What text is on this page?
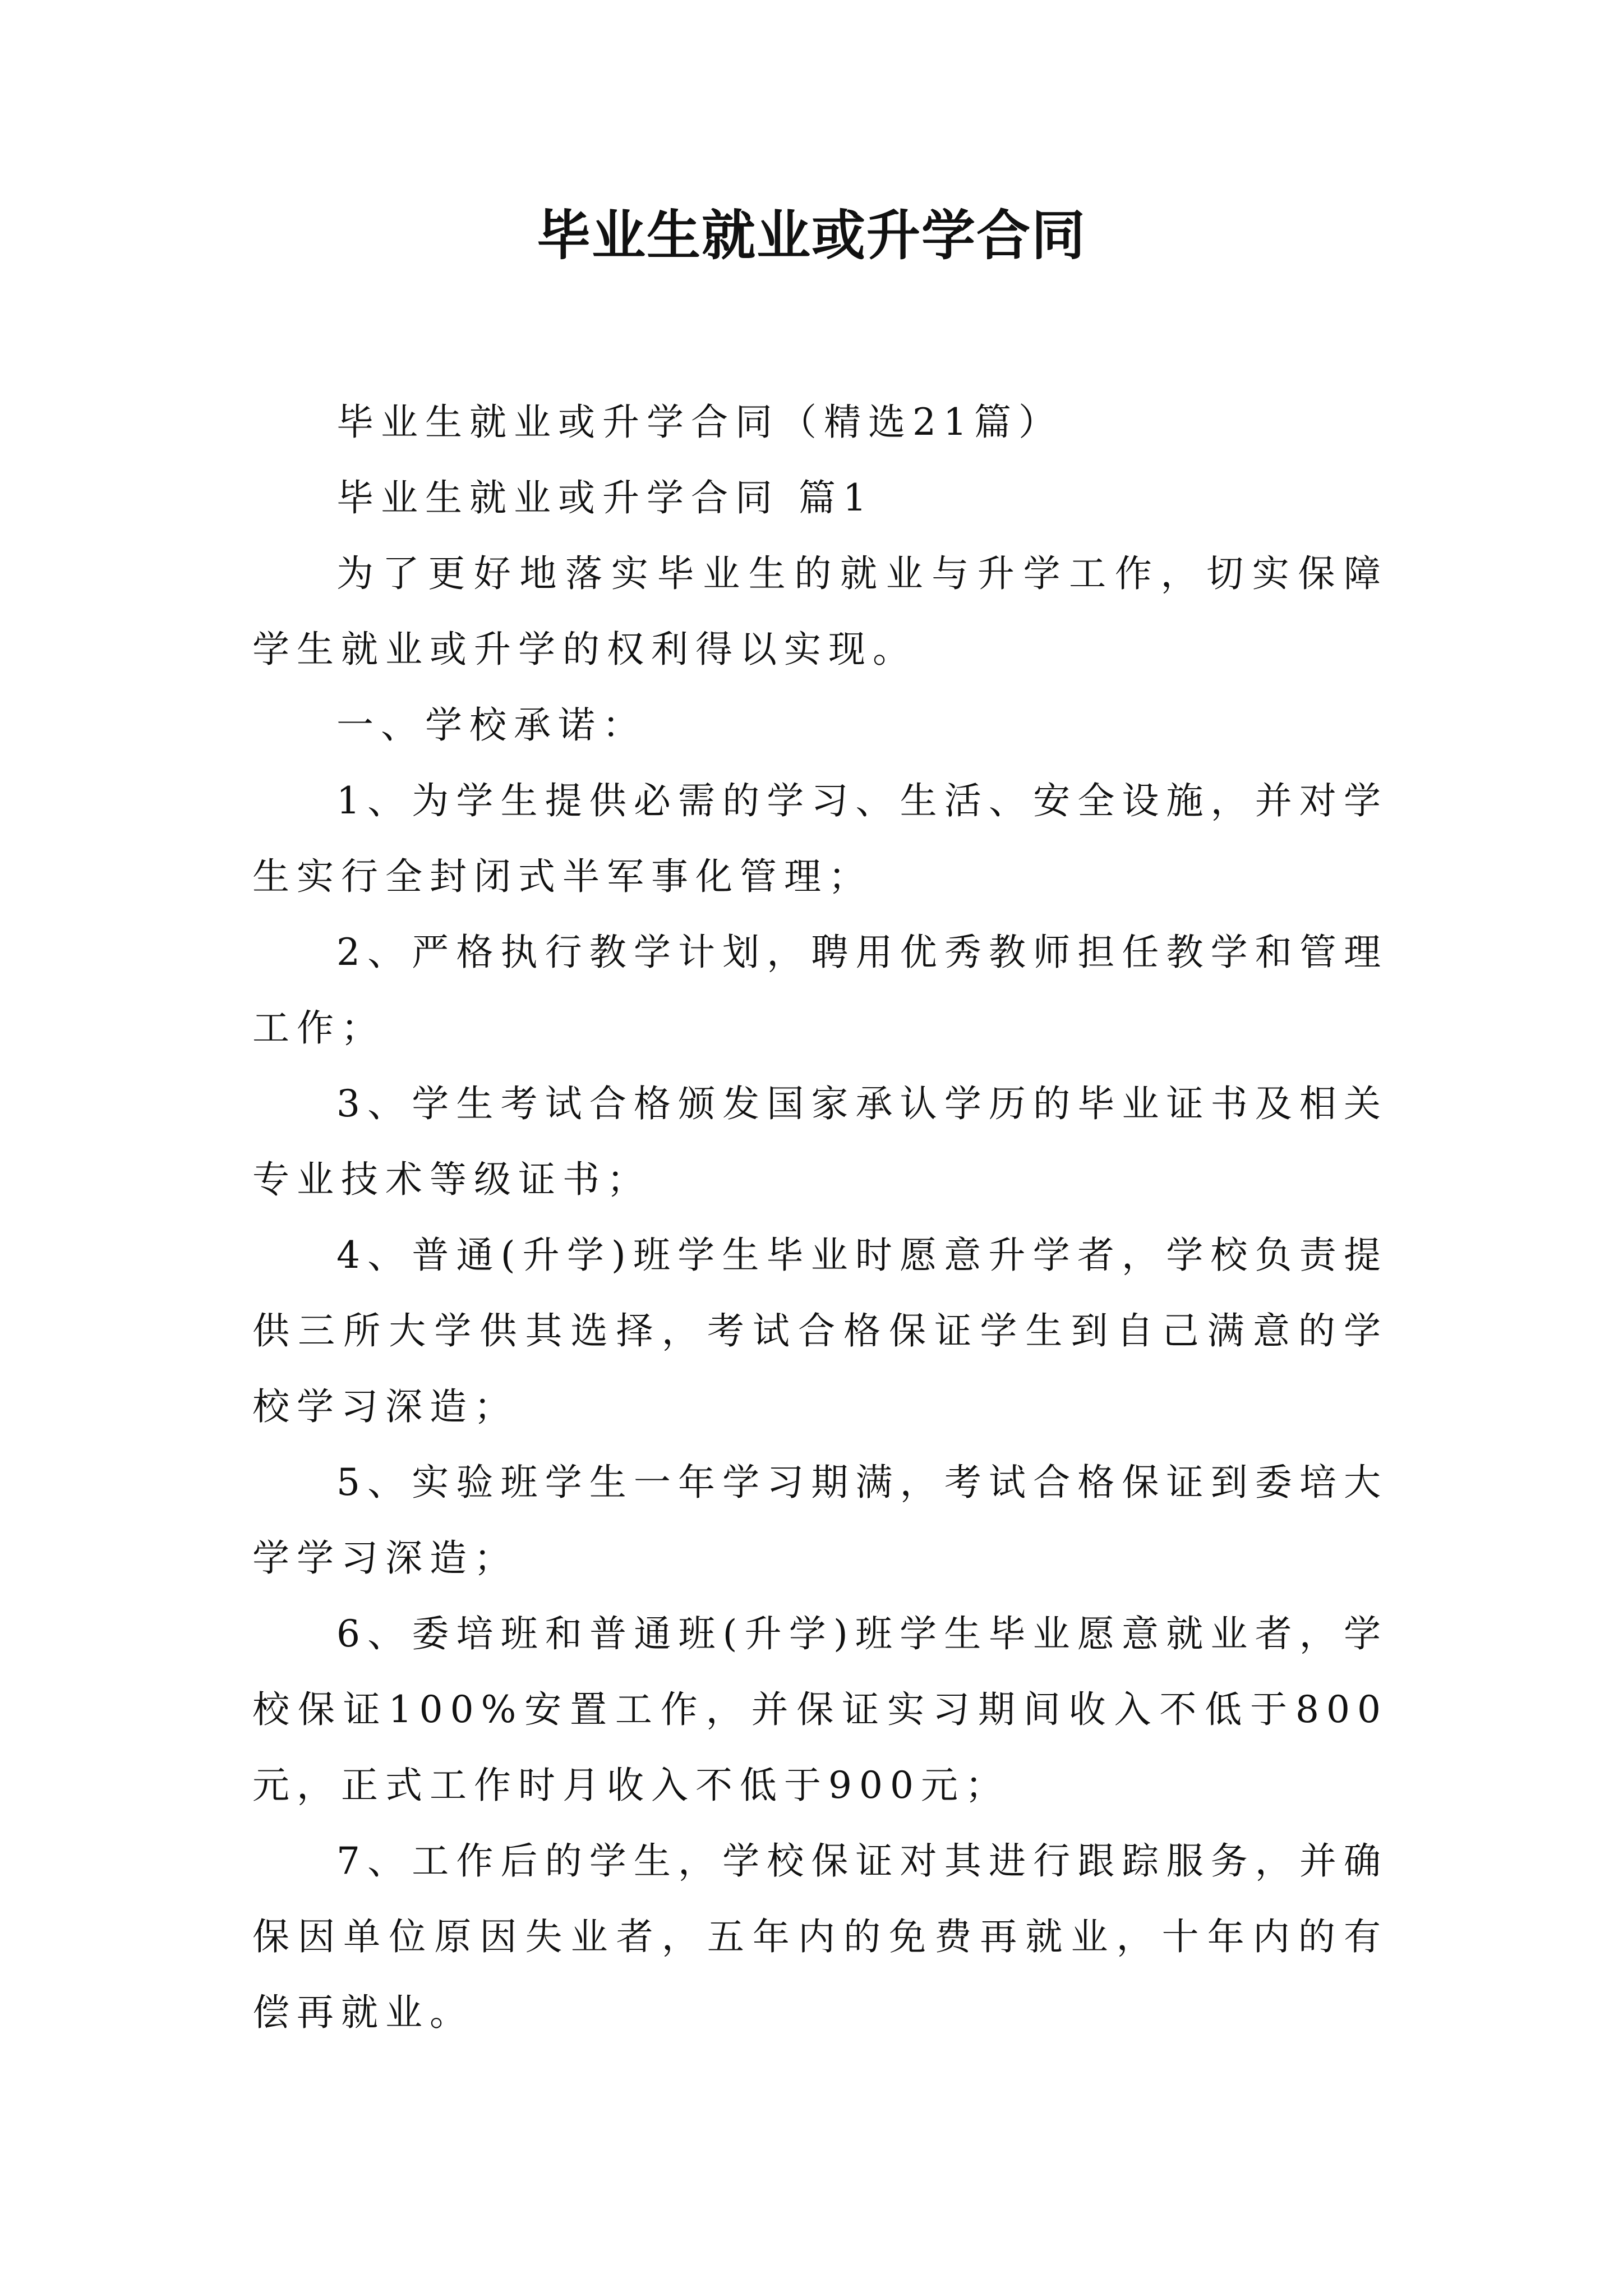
毕业生就业或升学合同

毕业生就业或升学合同（精选21篇）

毕业生就业或升学合同 篇1

为了更好地落实毕业生的就业与升学工作，切实保障学生就业或升学的权利得以实现。

一、学校承诺：

1、为学生提供必需的学习、生活、安全设施，并对学生实行全封闭式半军事化管理；

2、严格执行教学计划，聘用优秀教师担任教学和管理工作；

3、学生考试合格颁发国家承认学历的毕业证书及相关专业技术等级证书；

4、普通(升学)班学生毕业时愿意升学者，学校负责提供三所大学供其选择，考试合格保证学生到自己满意的学校学习深造；

5、实验班学生一年学习期满，考试合格保证到委培大学学习深造；

6、委培班和普通班(升学)班学生毕业愿意就业者，学校保证100%安置工作，并保证实习期间收入不低于800元，正式工作时月收入不低于900元；

7、工作后的学生，学校保证对其进行跟踪服务，并确保因单位原因失业者，五年内的免费再就业，十年内的有偿再就业。
